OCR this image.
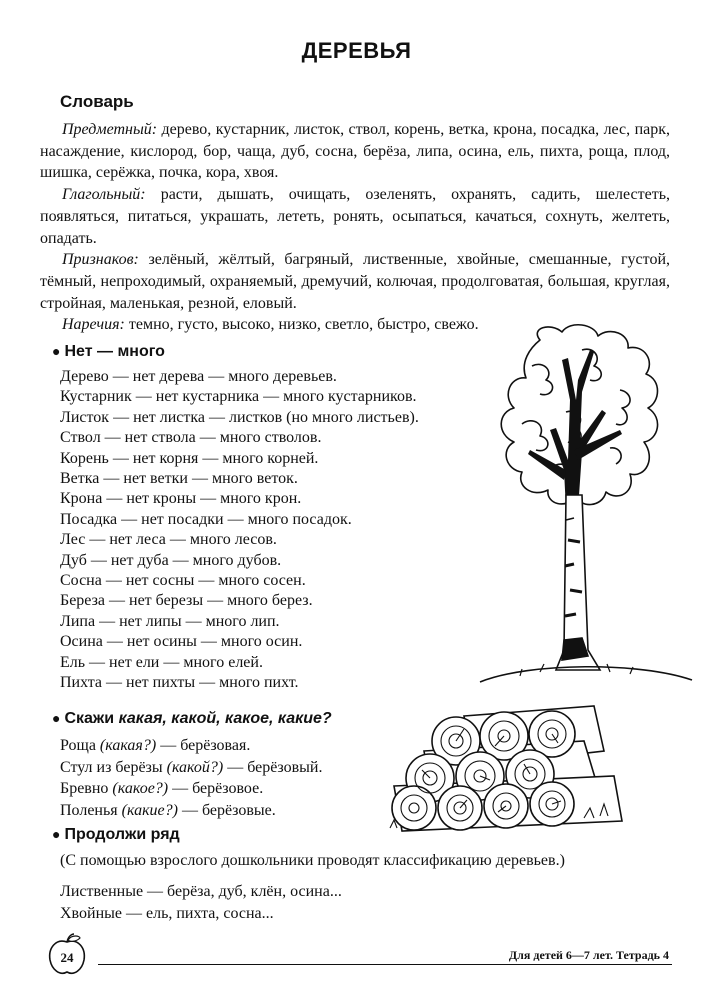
ДЕРЕВЬЯ
Словарь

Предметный: дерево, кустарник, листок, ствол, корень, ветка, крона, посадка, лес, парк, насаждение, кислород, бор, чаща, дуб, сосна, берёза, липа, осина, ель, пихта, роща, плод, шишка, серёжка, почка, кора, хвоя.

Глагольный: расти, дышать, очищать, озеленять, охранять, садить, шелестеть, появляться, питаться, украшать, лететь, ронять, осыпаться, качаться, сохнуть, желтеть, опадать.

Признаков: зелёный, жёлтый, багряный, лиственные, хвойные, смешанные, густой, тёмный, непроходимый, охраняемый, дремучий, колючая, продолговатая, большая, круглая, стройная, маленькая, резной, еловый.

Наречия: темно, густо, высоко, низко, светло, быстро, свежо.

● Нет — много
Дерево — нет дерева — много деревьев.
Кустарник — нет кустарника — много кустарников.
Листок — нет листка — листков (но много листьев).
Ствол — нет ствола — много стволов.
Корень — нет корня — много корней.
Ветка — нет ветки — много веток.
Крона — нет кроны — много крон.
Посадка — нет посадки — много посадок.
Лес — нет леса — много лесов.
Дуб — нет дуба — много дубов.
Сосна — нет сосны — много сосен.
Береза — нет березы — много берез.
Липа — нет липы — много лип.
Осина — нет осины — много осин.
Ель — нет ели — много елей.
Пихта — нет пихты — много пихт.
● Скажи какая, какой, какое, какие?
Роща (какая?) — берёзовая.
Стул из берёзы (какой?) — берёзовый.
Бревно (какое?) — берёзовое.
Поленья (какие?) — берёзовые.
● Продолжи ряд
(С помощью взрослого дошкольники проводят классификацию деревьев.)
Лиственные — берёза, дуб, клён, осина...
Хвойные — ель, пихта, сосна...
24	Для детей 6—7 лет. Тетрадь 4
